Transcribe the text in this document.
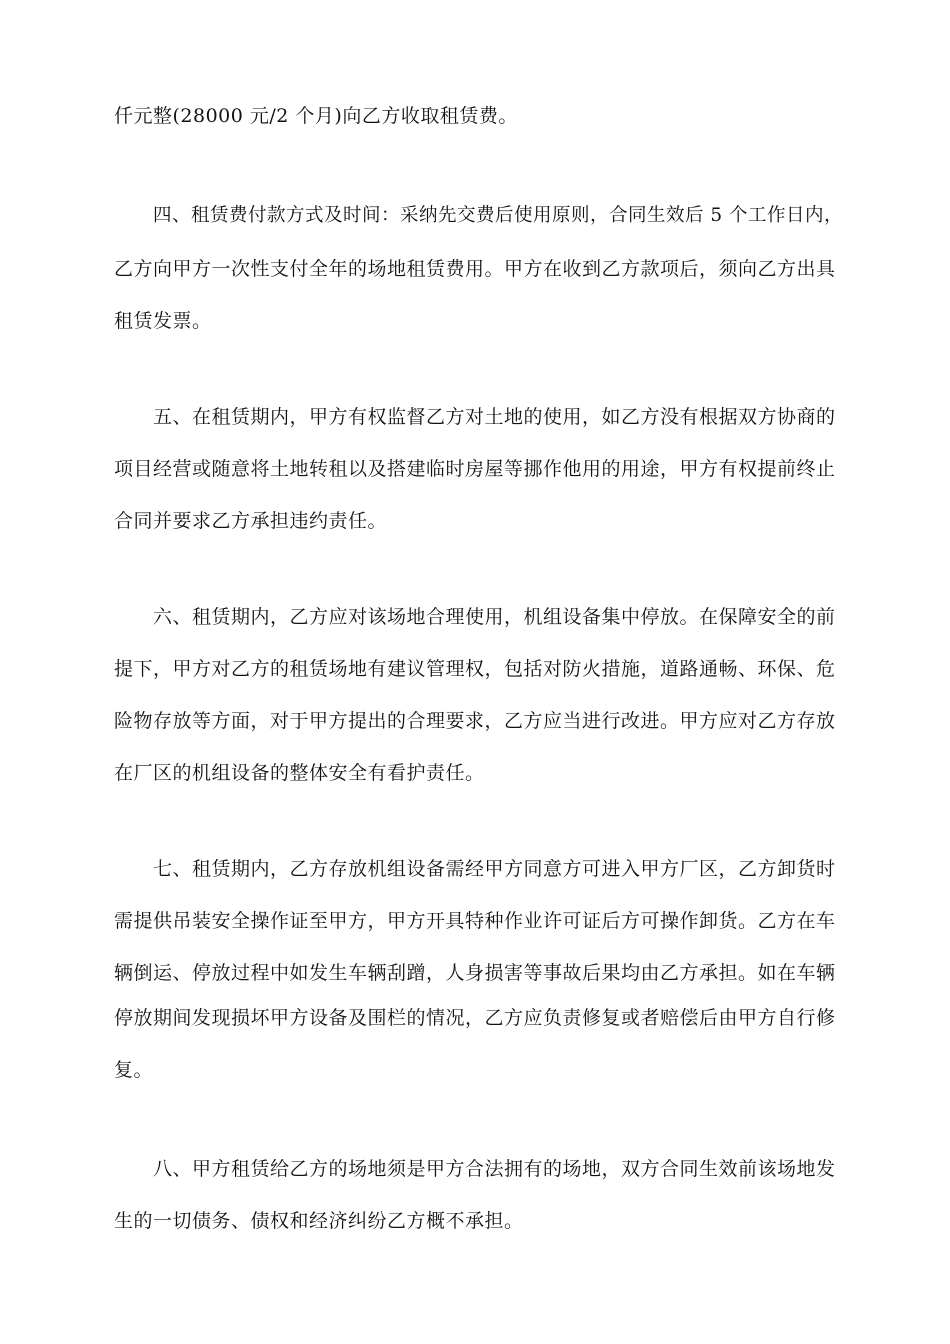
仟元整(28000 元/2 个月)向乙方收取租赁费。
四、租赁费付款方式及时间：采纳先交费后使用原则，合同生效后 5 个工作日内，
乙方向甲方一次性支付全年的场地租赁费用。甲方在收到乙方款项后，须向乙方出具
租赁发票。
五、在租赁期内，甲方有权监督乙方对土地的使用，如乙方没有根据双方协商的
项目经营或随意将土地转租以及搭建临时房屋等挪作他用的用途，甲方有权提前终止
合同并要求乙方承担违约责任。
六、租赁期内，乙方应对该场地合理使用，机组设备集中停放。在保障安全的前
提下，甲方对乙方的租赁场地有建议管理权，包括对防火措施，道路通畅、环保、危
险物存放等方面，对于甲方提出的合理要求，乙方应当进行改进。甲方应对乙方存放
在厂区的机组设备的整体安全有看护责任。
七、租赁期内，乙方存放机组设备需经甲方同意方可进入甲方厂区，乙方卸货时
需提供吊装安全操作证至甲方，甲方开具特种作业许可证后方可操作卸货。乙方在车
辆倒运、停放过程中如发生车辆刮蹭，人身损害等事故后果均由乙方承担。如在车辆
停放期间发现损坏甲方设备及围栏的情况，乙方应负责修复或者赔偿后由甲方自行修
复。
八、甲方租赁给乙方的场地须是甲方合法拥有的场地，双方合同生效前该场地发
生的一切债务、债权和经济纠纷乙方概不承担。
